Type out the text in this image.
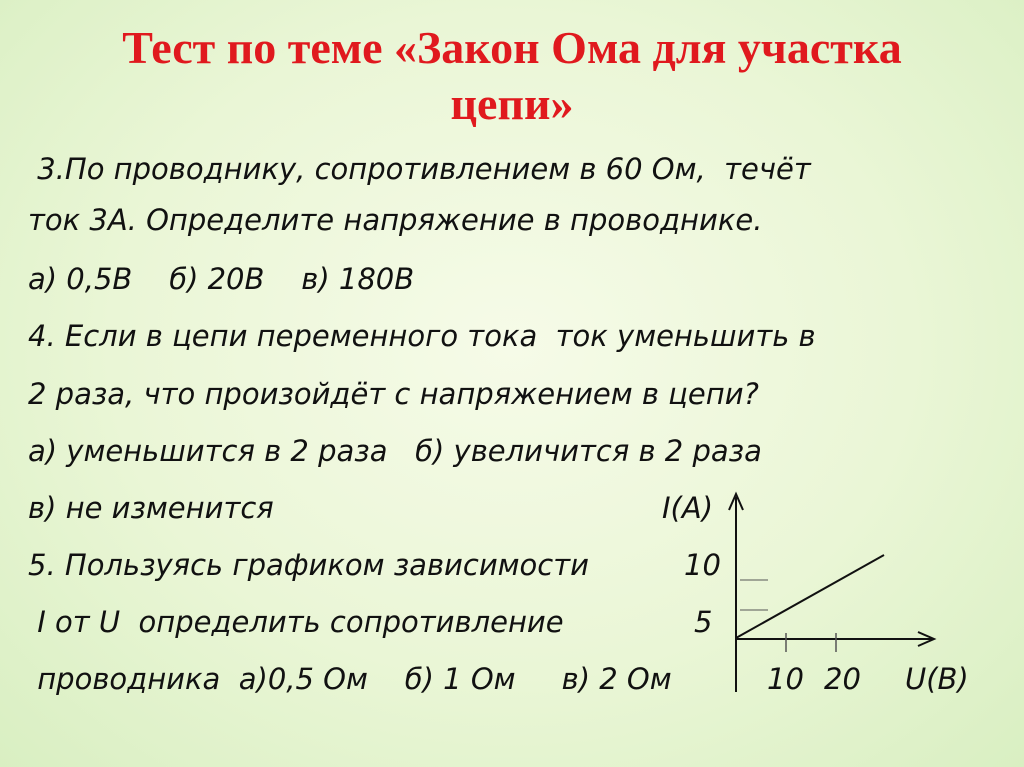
Тест по теме «Закон Ома для участка
цепи»
3.По проводнику, сопротивлением в 60 Ом,  течёт
ток 3А. Определите напряжение в проводнике.
а) 0,5В    б) 20В    в) 180В
4. Если в цепи переменного тока  ток уменьшить в
2 раза, что произойдёт с напряжением в цепи?
а) уменьшится в 2 раза   б) увеличится в 2 раза
в) не изменится
5. Пользуясь графиком зависимости
I от U  определить сопротивление
проводника  а)0,5 Ом    б) 1 Ом     в) 2 Ом
I(A)
10
5
10 20 U(B)
